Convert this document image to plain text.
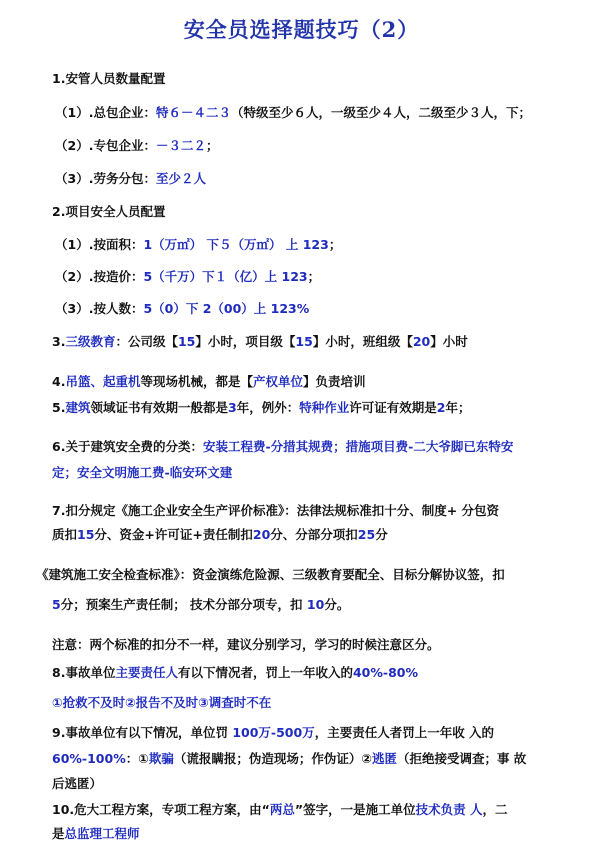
安全员选择题技巧（2）
1.安管人员数量配置
（1）.总包企业：特６－４二３（特级至少６人，一级至少４人，二级至少３人，下；
（2）.专包企业：－３二２；
（3）.劳务分包：至少２人
2.项目安全人员配置
（1）.按面积：1（万㎡） 下５（万㎡） 上 123；
（2）.按造价：5（千万）下１（亿）上 123；
（3）.按人数：5（0）下 2（00）上 123%
3.三级教育：公司级【15】小时，项目级【15】小时，班组级【20】小时
4.吊篮、起重机等现场机械，都是【产权单位】负责培训
5.建筑领域证书有效期一般都是3年，例外：特种作业许可证有效期是2年；
6.关于建筑安全费的分类：安装工程费-分措其规费；措施项目费-二大爷脚已东特安
定；安全文明施工费-临安环文建
7.扣分规定《施工企业安全生产评价标准》：法律法规标准扣十分、制度+ 分包资
质扣15分、资金+许可证+责任制扣20分、分部分项扣25分
《建筑施工安全检查标准》：资金演练危险源、三级教育要配全、目标分解协议签，扣
5分；预案生产责任制； 技术分部分项专，扣 10分。
注意：两个标准的扣分不一样，建议分别学习，学习的时候注意区分。
8.事故单位主要责任人有以下情况者，罚上一年收入的40%-80%
①抢救不及时②报告不及时③调查时不在
9.事故单位有以下情况，单位罚 100万-500万，主要责任人者罚上一年收 入的
60%-100%：①欺骗（谎报瞒报；伪造现场；作伪证）②逃匿（拒绝接受调查；事 故
后逃匿）
10.危大工程方案，专项工程方案，由“两总”签字，一是施工单位技术负责 人，二
是总监理工程师
